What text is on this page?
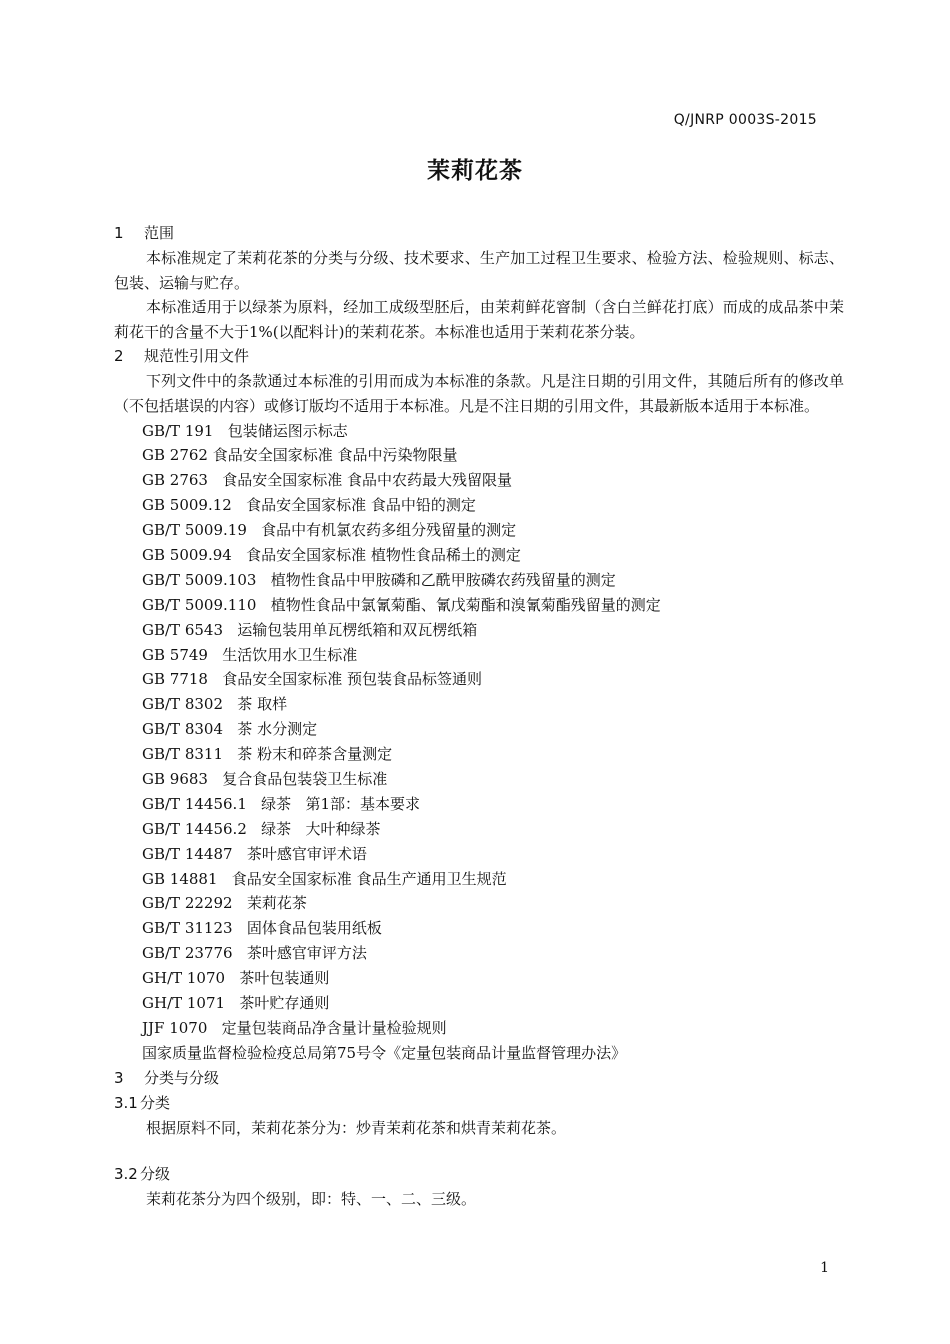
Q/JNRP 0003S-2015
茉莉花茶
1 范围
本标准规定了茉莉花茶的分类与分级、技术要求、生产加工过程卫生要求、检验方法、检验规则、标志、包装、运输与贮存。
本标准适用于以绿茶为原料，经加工成级型胚后，由茉莉鲜花窨制（含白兰鲜花打底）而成的成品茶中茉莉花干的含量不大于1%(以配料计)的茉莉花茶。本标准也适用于茉莉花茶分装。
2 规范性引用文件
下列文件中的条款通过本标准的引用而成为本标准的条款。凡是注日期的引用文件，其随后所有的修改单（不包括堪误的内容）或修订版均不适用于本标准。凡是不注日期的引用文件，其最新版本适用于本标准。
GB/T 191   包装储运图示标志
GB 2762 食品安全国家标准 食品中污染物限量
GB 2763   食品安全国家标准 食品中农药最大残留限量
GB 5009.12   食品安全国家标准 食品中铅的测定
GB/T 5009.19   食品中有机氯农药多组分残留量的测定
GB 5009.94   食品安全国家标准 植物性食品稀土的测定
GB/T 5009.103   植物性食品中甲胺磷和乙酰甲胺磷农药残留量的测定
GB/T 5009.110   植物性食品中氯氰菊酯、氰戊菊酯和溴氰菊酯残留量的测定
GB/T 6543   运输包装用单瓦楞纸箱和双瓦楞纸箱
GB 5749   生活饮用水卫生标准
GB 7718   食品安全国家标准 预包装食品标签通则
GB/T 8302   茶 取样
GB/T 8304   茶 水分测定
GB/T 8311   茶 粉末和碎茶含量测定
GB 9683   复合食品包装袋卫生标准
GB/T 14456.1   绿茶   第1部：基本要求
GB/T 14456.2   绿茶   大叶种绿茶
GB/T 14487   茶叶感官审评术语
GB 14881   食品安全国家标准 食品生产通用卫生规范
GB/T 22292   茉莉花茶
GB/T 31123   固体食品包装用纸板
GB/T 23776   茶叶感官审评方法
GH/T 1070   茶叶包装通则
GH/T 1071   茶叶贮存通则
JJF 1070   定量包装商品净含量计量检验规则
国家质量监督检验检疫总局第75号令《定量包装商品计量监督管理办法》
3 分类与分级
3.1 分类
根据原料不同，茉莉花茶分为：炒青茉莉花茶和烘青茉莉花茶。
3.2 分级
茉莉花茶分为四个级别，即：特、一、二、三级。
1
